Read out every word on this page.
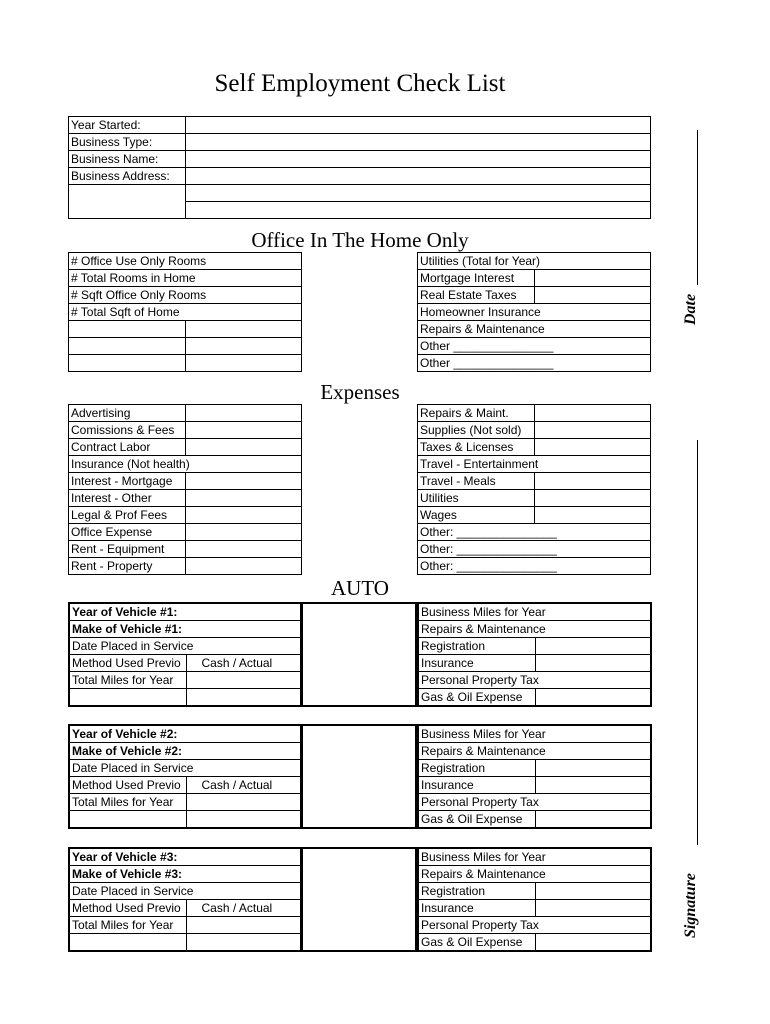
Self Employment Check List
Year Started:	
Business Type:	
Business Name:	
Business Address:	

Office In The Home Only
# Office Use Only Rooms	
# Total Rooms in Home	
# Sqft Office Only Rooms	
# Total Sqft of Home	

Utilities (Total for Year)	
Mortgage Interest	
Real Estate Taxes	
Homeowner Insurance	
Repairs & Maintenance	
Other _______________	
Other _______________	
Expenses
Advertising	
Comissions & Fees	
Contract Labor	
Insurance (Not health)	
Interest - Mortgage	
Interest - Other	
Legal & Prof Fees	
Office Expense	
Rent - Equipment	
Rent - Property	
Repairs & Maint.	
Supplies (Not sold)	
Taxes & Licenses	
Travel - Entertainment	
Travel - Meals	
Utilities	
Wages	
Other: _______________	
Other: _______________	
Other: _______________	
AUTO
Year of Vehicle #1:	
Make of Vehicle #1:	
Date Placed in Service	
Method Used Previo	Cash / Actual
Total Miles for Year	

Business Miles for Year	
Repairs & Maintenance	
Registration	
Insurance	
Personal Property Tax	
Gas & Oil Expense	
Year of Vehicle #2:	
Make of Vehicle #2:	
Date Placed in Service	
Method Used Previo	Cash / Actual
Total Miles for Year	

Business Miles for Year	
Repairs & Maintenance	
Registration	
Insurance	
Personal Property Tax	
Gas & Oil Expense	
Year of Vehicle #3:	
Make of Vehicle #3:	
Date Placed in Service	
Method Used Previo	Cash / Actual
Total Miles for Year	

Business Miles for Year	
Repairs & Maintenance	
Registration	
Insurance	
Personal Property Tax	
Gas & Oil Expense	
Date
Signature
